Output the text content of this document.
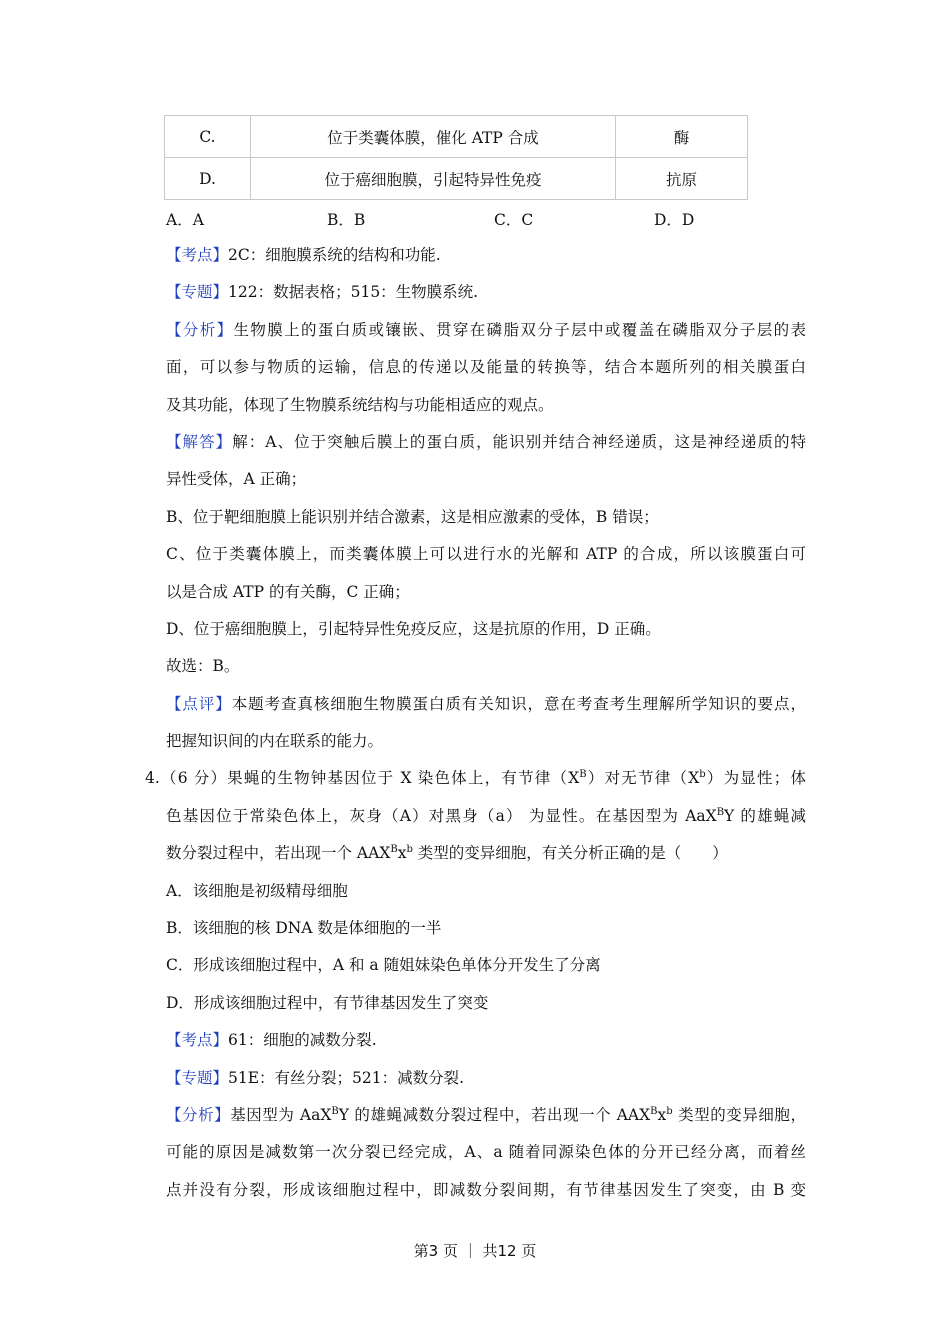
C.	位于类囊体膜，催化 ATP 合成	酶
D.	位于癌细胞膜，引起特异性免疫	抗原
A．A	B．B	C．C	D．D
【考点】2C：细胞膜系统的结构和功能.
【专题】122：数据表格；515：生物膜系统.
【分析】生物膜上的蛋白质或镶嵌、贯穿在磷脂双分子层中或覆盖在磷脂双分子层的表
面，可以参与物质的运输，信息的传递以及能量的转换等，结合本题所列的相关膜蛋白
及其功能，体现了生物膜系统结构与功能相适应的观点。
【解答】解：A、位于突触后膜上的蛋白质，能识别并结合神经递质，这是神经递质的特
异性受体，A 正确；
B、位于靶细胞膜上能识别并结合激素，这是相应激素的受体，B 错误；
C、位于类囊体膜上，而类囊体膜上可以进行水的光解和 ATP 的合成，所以该膜蛋白可
以是合成 ATP 的有关酶，C 正确；
D、位于癌细胞膜上，引起特异性免疫反应，这是抗原的作用，D 正确。
故选：B。
【点评】本题考查真核细胞生物膜蛋白质有关知识，意在考查考生理解所学知识的要点，
把握知识间的内在联系的能力。
4.（6 分）果蝇的生物钟基因位于 X 染色体上，有节律$(X^B)$对无节律$(X^b)$为显性；体
色基因位于常染色体上，灰身（A）对黑身（a） 为显性。在基因型为 AaX$^B$Y 的雄蝇减
数分裂过程中，若出现一个 $AAX^Bx^b$ 类型的变异细胞，有关分析正确的是（　　）
A．该细胞是初级精母细胞
B．该细胞的核 DNA 数是体细胞的一半
C．形成该细胞过程中，A 和 a 随姐妹染色单体分开发生了分离
D．形成该细胞过程中，有节律基因发生了突变
【考点】61：细胞的减数分裂.
【专题】51E：有丝分裂；521：减数分裂.
【分析】基因型为 AaX$^B$Y 的雄蝇减数分裂过程中，若出现一个 $AAX^Bx^b$ 类型的变异细胞，
可能的原因是减数第一次分裂已经完成，A、a 随着同源染色体的分开已经分离，而着丝
点并没有分裂，形成该细胞过程中，即减数分裂间期，有节律基因发生了突变，由 B 变
第3 页 ｜ 共12 页
